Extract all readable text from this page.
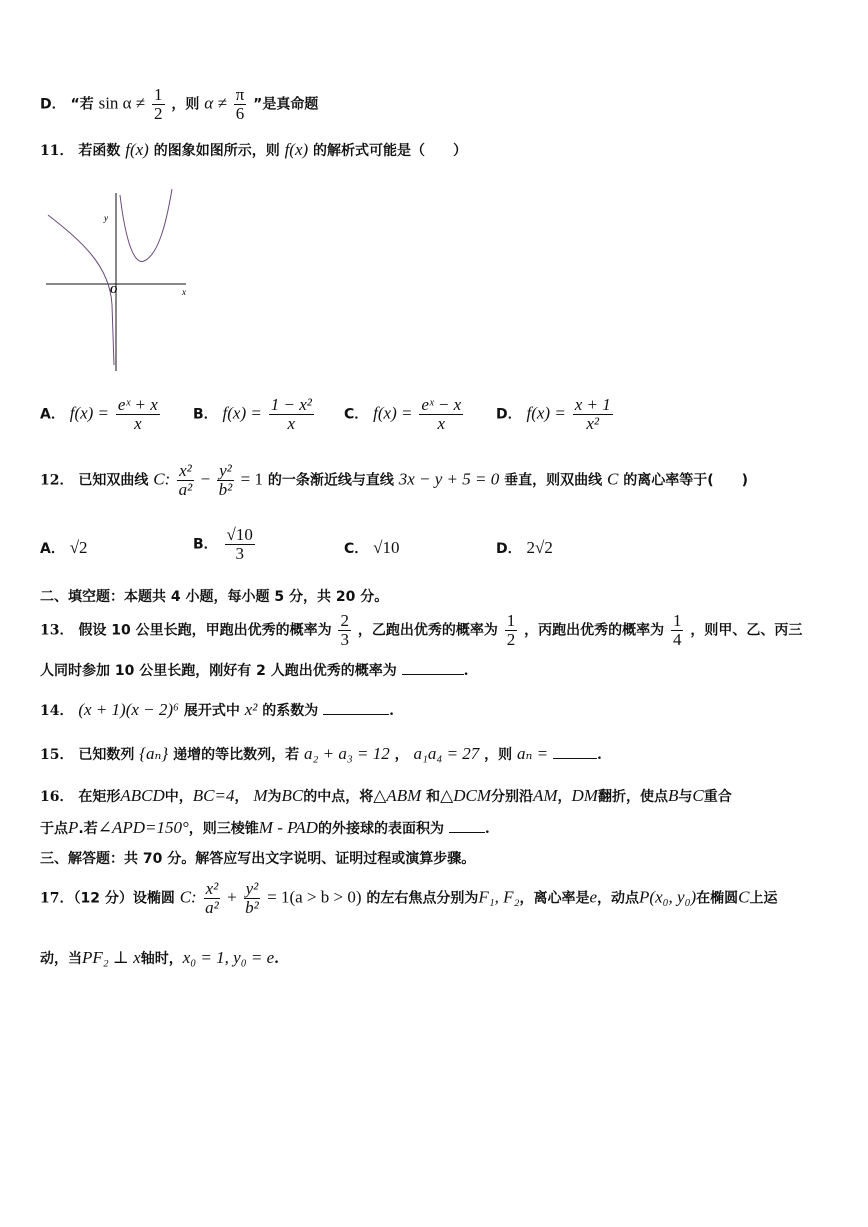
D． “若 $\sin \alpha \ne \frac{1}{2}$ ，则 $\alpha \ne \frac{\pi}{6}$ ”是真命题
11． 若函数 f(x) 的图象如图所示，则 f(x) 的解析式可能是（　　）
y
x
O
A． $f(x) = \frac{\text{eˣ + x}}{x}$ B． $f(x) = \frac{\text{1 − x²}}{x}$ C． $f(x) = \frac{\text{eˣ − x}}{x}$ D． $f(x) = \frac{x + 1}{\text{x²}}$
12． 已知双曲线 C: $\frac{\text{x²}}{\text{a²}} - \frac{\text{y²}}{\text{b²}} = 1$ 的一条渐近线与直线 3x − y + 5 = 0 垂直，则双曲线 C 的离心率等于(　　)
A． √2	B． $\frac{√10}{3}$	C． √10	D． 2√2
二、填空题：本题共 4 小题，每小题 5 分，共 20 分。
13． 假设 10 公里长跑，甲跑出优秀的概率为 $\frac{2}{3}$ ，乙跑出优秀的概率为 $\frac{1}{2}$ ，丙跑出优秀的概率为 $\frac{1}{4}$ ，则甲、乙、丙三
人同时参加 10 公里长跑，刚好有 2 人跑出优秀的概率为	.
14． (x + 1)(x − 2)⁶ 展开式中 x² 的系数为	.
15． 已知数列 {aₙ} 递增的等比数列，若 a₂ + a₃ = 12 ， a₁a₄ = 27 ，则 aₙ =	.
16． 在矩形ABCD中，BC=4， M为BC的中点，将△ABM 和△DCM分别沿AM，DM翻折，使点B与C重合
于点P.若∠APD=150°，则三棱锥M - PAD的外接球的表面积为	.
三、解答题：共 70 分。解答应写出文字说明、证明过程或演算步骤。
17．（12 分）设椭圆 C: $\frac{\text{x²}}{\text{a²}} + \frac{\text{y²}}{\text{b²}} = 1(a > b > 0)$ 的左右焦点分别为F₁, F₂，离心率是e，动点P(x₀, y₀)在椭圆C上运
动，当PF₂ ⊥ x轴时，x₀ = 1, y₀ = e.
